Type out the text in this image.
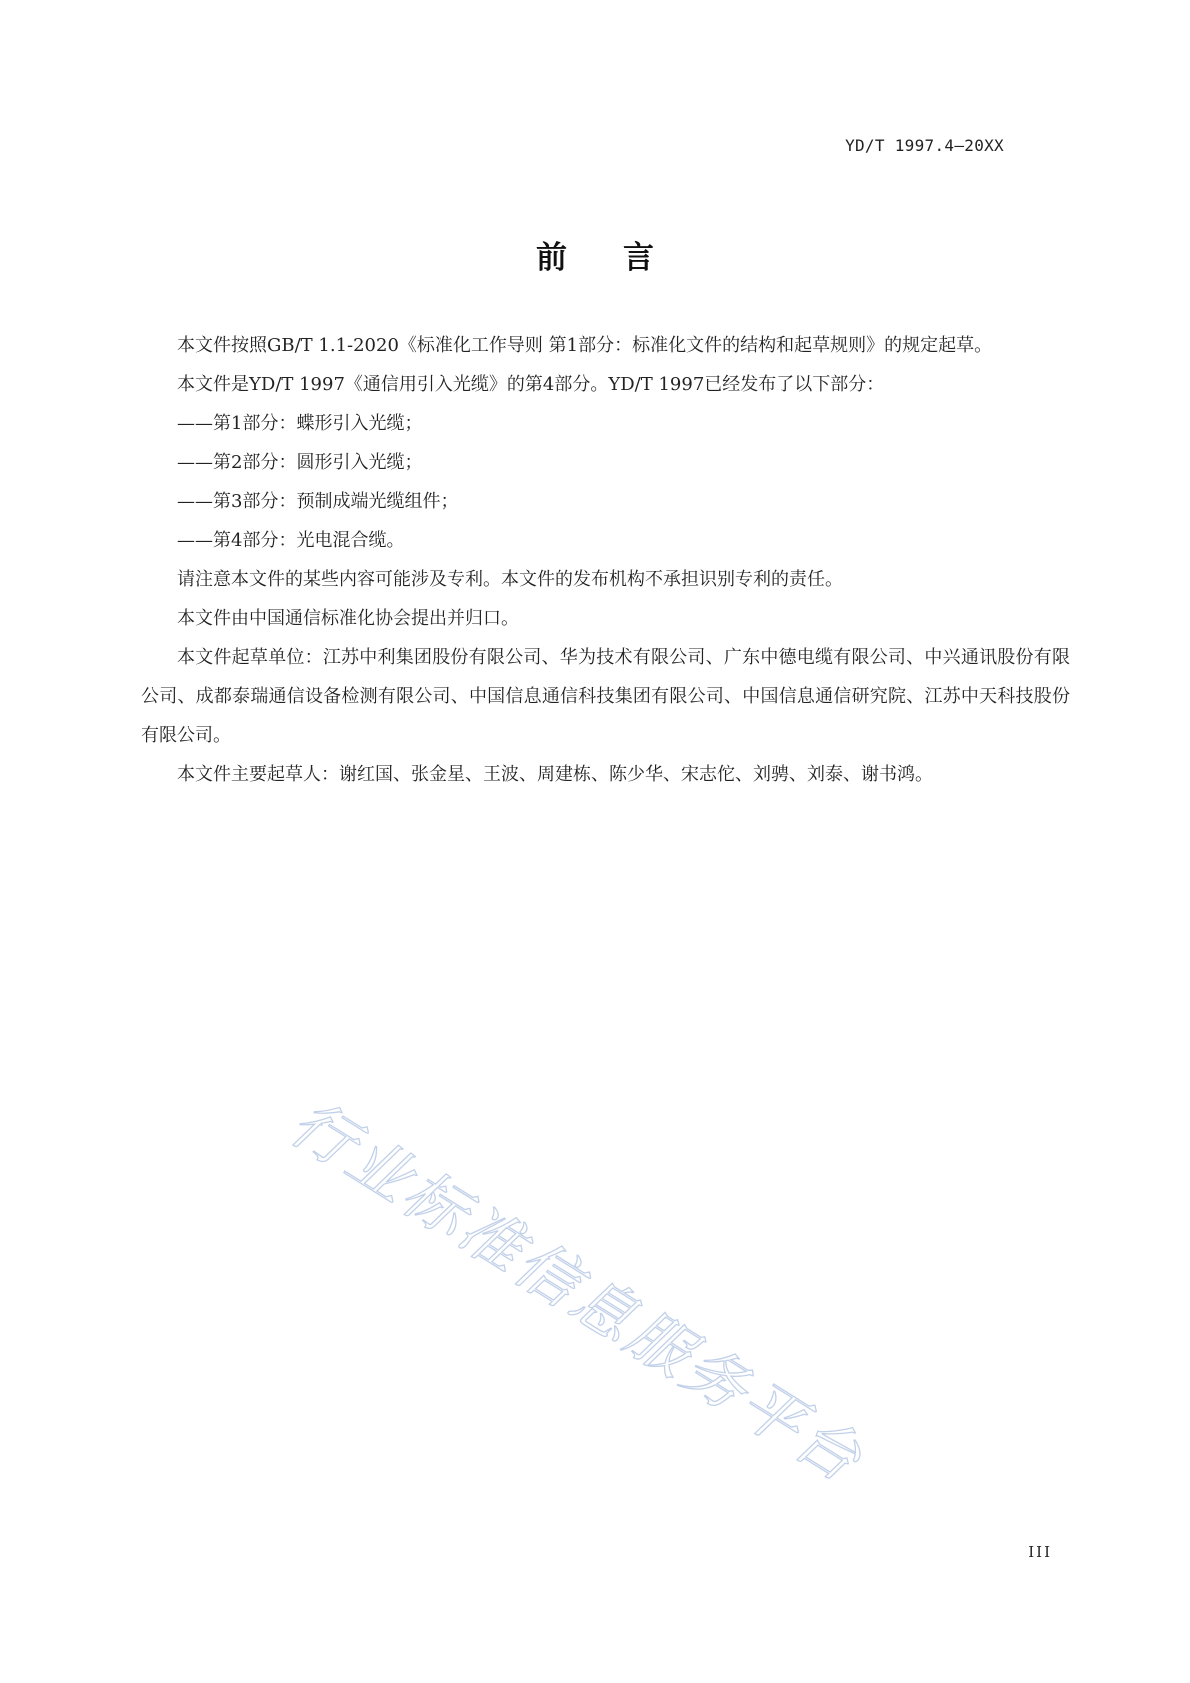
YD/T 1997.4—20XX
前言

本文件按照GB/T 1.1-2020《标准化工作导则 第1部分：标准化文件的结构和起草规则》的规定起草。

本文件是YD/T 1997《通信用引入光缆》的第4部分。YD/T 1997已经发布了以下部分：

——第1部分：蝶形引入光缆；

——第2部分：圆形引入光缆；

——第3部分：预制成端光缆组件；

——第4部分：光电混合缆。

请注意本文件的某些内容可能涉及专利。本文件的发布机构不承担识别专利的责任。

本文件由中国通信标准化协会提出并归口。

本文件起草单位：江苏中利集团股份有限公司、华为技术有限公司、广东中德电缆有限公司、中兴通讯股份有限公司、成都泰瑞通信设备检测有限公司、中国信息通信科技集团有限公司、中国信息通信研究院、江苏中天科技股份有限公司。

本文件主要起草人：谢红国、张金星、王波、周建栋、陈少华、宋志佗、刘骋、刘泰、谢书鸿。

行业标准信息服务平台
III
